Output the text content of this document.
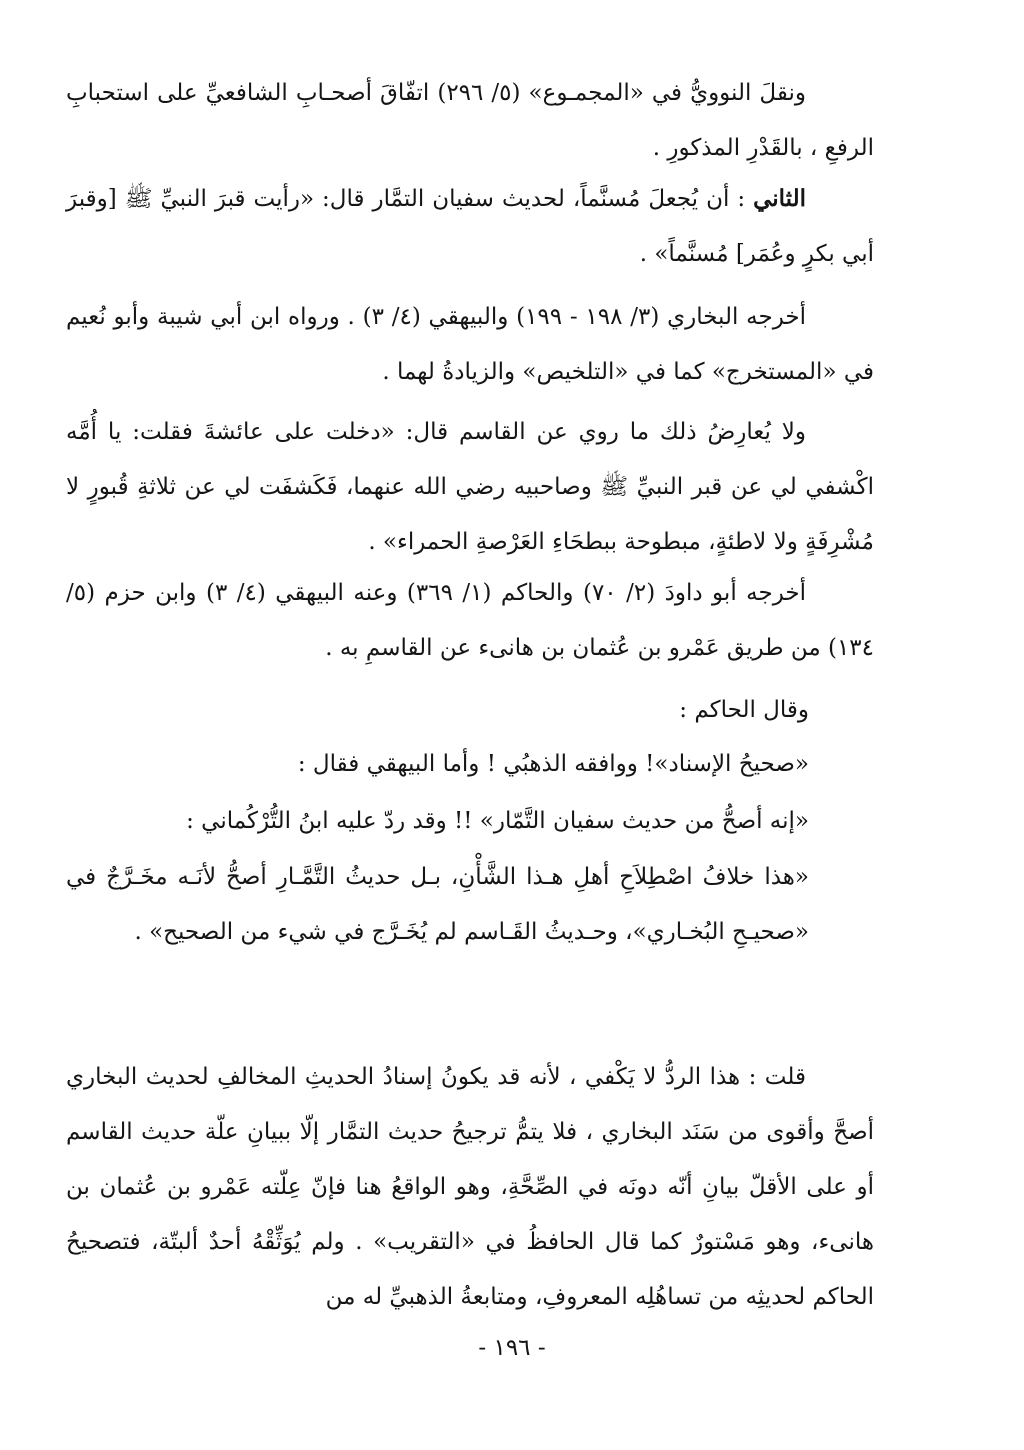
ونقلَ النوويُّ في «المجمـوع» (٥/ ٢٩٦) اتفّاقَ أصحـابِ الشافعيِّ على استحبابِ الرفعِ ، بالقَدْرِ المذكورِ .

الثاني : أن يُجعلَ مُسنَّماً، لحديث سفيان التمَّار قال: «رأيت قبرَ النبيِّ ﷺ [وقبرَ أبي بكرٍ وعُمَر] مُسنَّماً» .

أخرجه البخاري (٣/ ١٩٨ - ١٩٩) والبيهقي (٤/ ٣) . ورواه ابن أبي شيبة وأبو نُعيم في «المستخرج» كما في «التلخيص» والزيادةُ لهما .

ولا يُعارِضُ ذلك ما روي عن القاسم قال: «دخلت على عائشةَ فقلت: يا أُمَّه اكْشفي لي عن قبر النبيِّ ﷺ وصاحبيه رضي الله عنهما، فَكَشفَت لي عن ثلاثةِ قُبورٍ لا مُشْرِفَةٍ ولا لاطئةٍ، مبطوحة ببطحَاءِ العَرْصةِ الحمراء» .

أخرجه أبو داودَ (٢/ ٧٠) والحاكم (١/ ٣٦٩) وعنه البيهقي (٤/ ٣) وابن حزم (٥/ ١٣٤) من طريق عَمْرو بن عُثمان بن هانىء عن القاسمِ به .

وقال الحاكم :

«صحيحُ الإسناد»! ووافقه الذهبُي ! وأما البيهقي فقال :

«إنه أصحُّ من حديث سفيان التَّمّار» !! وقد ردّ عليه ابنُ التُّرْكُماني :

«هذا خلافُ اصْطِلاَحِ أهلِ هـذا الشَّأْنِ، بـل حديثُ التَّمَّـارِ أصحُّ لأنَـه مخَـرَّجٌ في «صحيـحِ البُخـاري»، وحـديثُ القَـاسم لم يُخَـرَّج في شيء من الصحيح» .

قلت : هذا الردُّ لا يَكْفي ، لأنه قد يكونُ إسنادُ الحديثِ المخالفِ لحديث البخاري أصحَّ وأقوى من سَنَد البخاري ، فلا يتمُّ ترجيحُ حديث التمَّار إلّا ببيانِ علّة حديث القاسم أو على الأقلّ بيانِ أنّه دونَه في الصِّحَّةِ، وهو الواقعُ هنا فإنّ عِلّته عَمْرو بن عُثمان بن هانىء، وهو مَسْتورٌ كما قال الحافظُ في «التقريب» . ولم يُوَثِّقْهُ أحدٌ ألبتّة، فتصحيحُ الحاكم لحديثِه من تساهُلِه المعروفِ، ومتابعةُ الذهبيِّ له من

- ١٩٦ -
